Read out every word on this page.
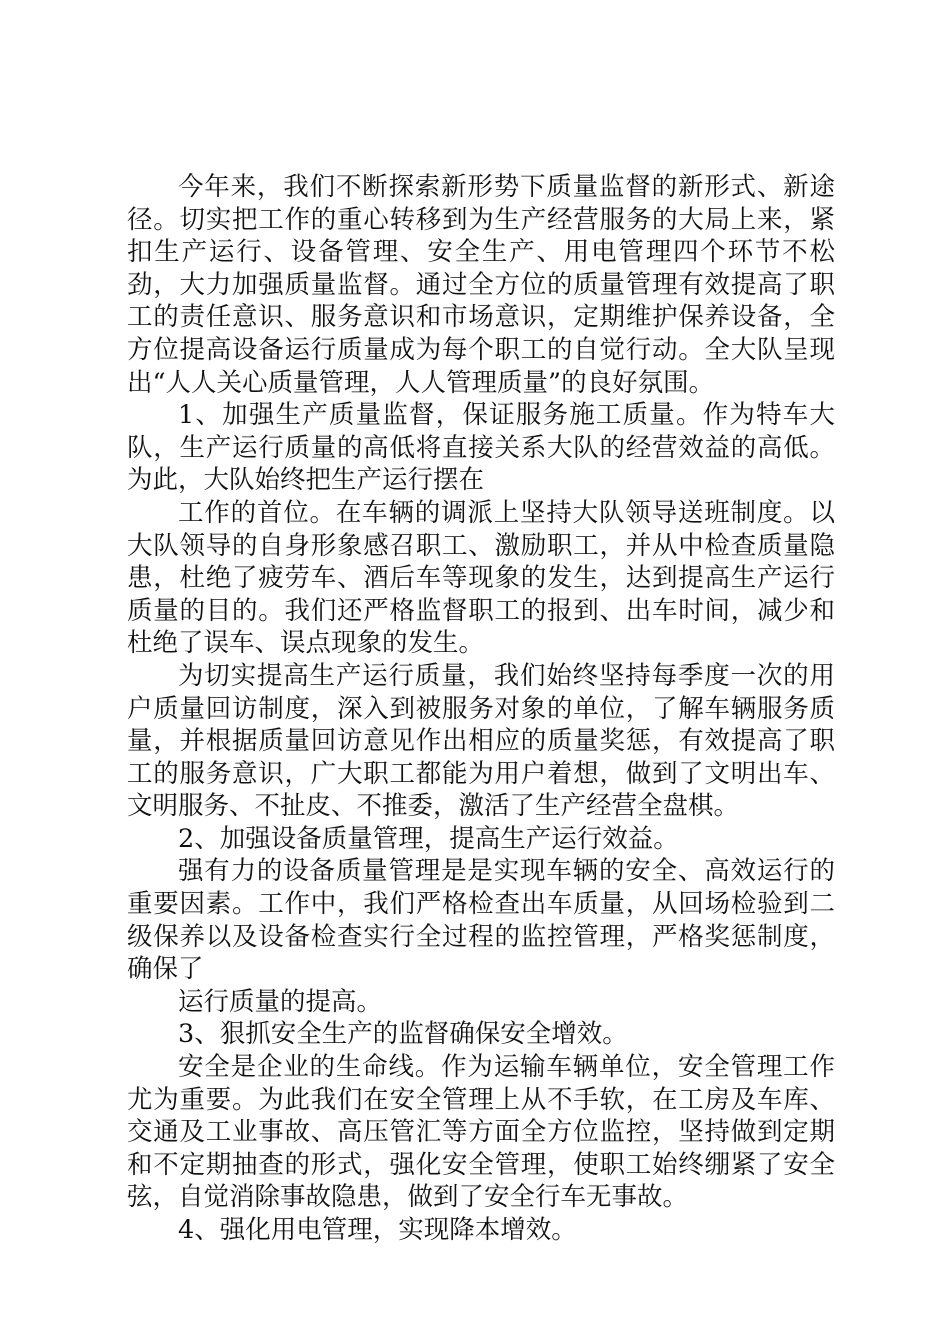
今年来，我们不断探索新形势下质量监督的新形式、新途径。切实把工作的重心转移到为生产经营服务的大局上来，紧扣生产运行、设备管理、安全生产、用电管理四个环节不松劲，大力加强质量监督。通过全方位的质量管理有效提高了职工的责任意识、服务意识和市场意识，定期维护保养设备，全方位提高设备运行质量成为每个职工的自觉行动。全大队呈现出“人人关心质量管理，人人管理质量”的良好氛围。

1、加强生产质量监督，保证服务施工质量。作为特车大队，生产运行质量的高低将直接关系大队的经营效益的高低。为此，大队始终把生产运行摆在

工作的首位。在车辆的调派上坚持大队领导送班制度。以大队领导的自身形象感召职工、激励职工，并从中检查质量隐患，杜绝了疲劳车、酒后车等现象的发生，达到提高生产运行质量的目的。我们还严格监督职工的报到、出车时间，减少和杜绝了误车、误点现象的发生。

为切实提高生产运行质量，我们始终坚持每季度一次的用户质量回访制度，深入到被服务对象的单位，了解车辆服务质量，并根据质量回访意见作出相应的质量奖惩，有效提高了职工的服务意识，广大职工都能为用户着想，做到了文明出车、文明服务、不扯皮、不推委，激活了生产经营全盘棋。

2、加强设备质量管理，提高生产运行效益。

强有力的设备质量管理是是实现车辆的安全、高效运行的重要因素。工作中，我们严格检查出车质量，从回场检验到二级保养以及设备检查实行全过程的监控管理，严格奖惩制度，确保了

运行质量的提高。

3、狠抓安全生产的监督确保安全增效。

安全是企业的生命线。作为运输车辆单位，安全管理工作尤为重要。为此我们在安全管理上从不手软，在工房及车库、交通及工业事故、高压管汇等方面全方位监控，坚持做到定期和不定期抽查的形式，强化安全管理，使职工始终绷紧了安全弦，自觉消除事故隐患，做到了安全行车无事故。

4、强化用电管理，实现降本增效。
